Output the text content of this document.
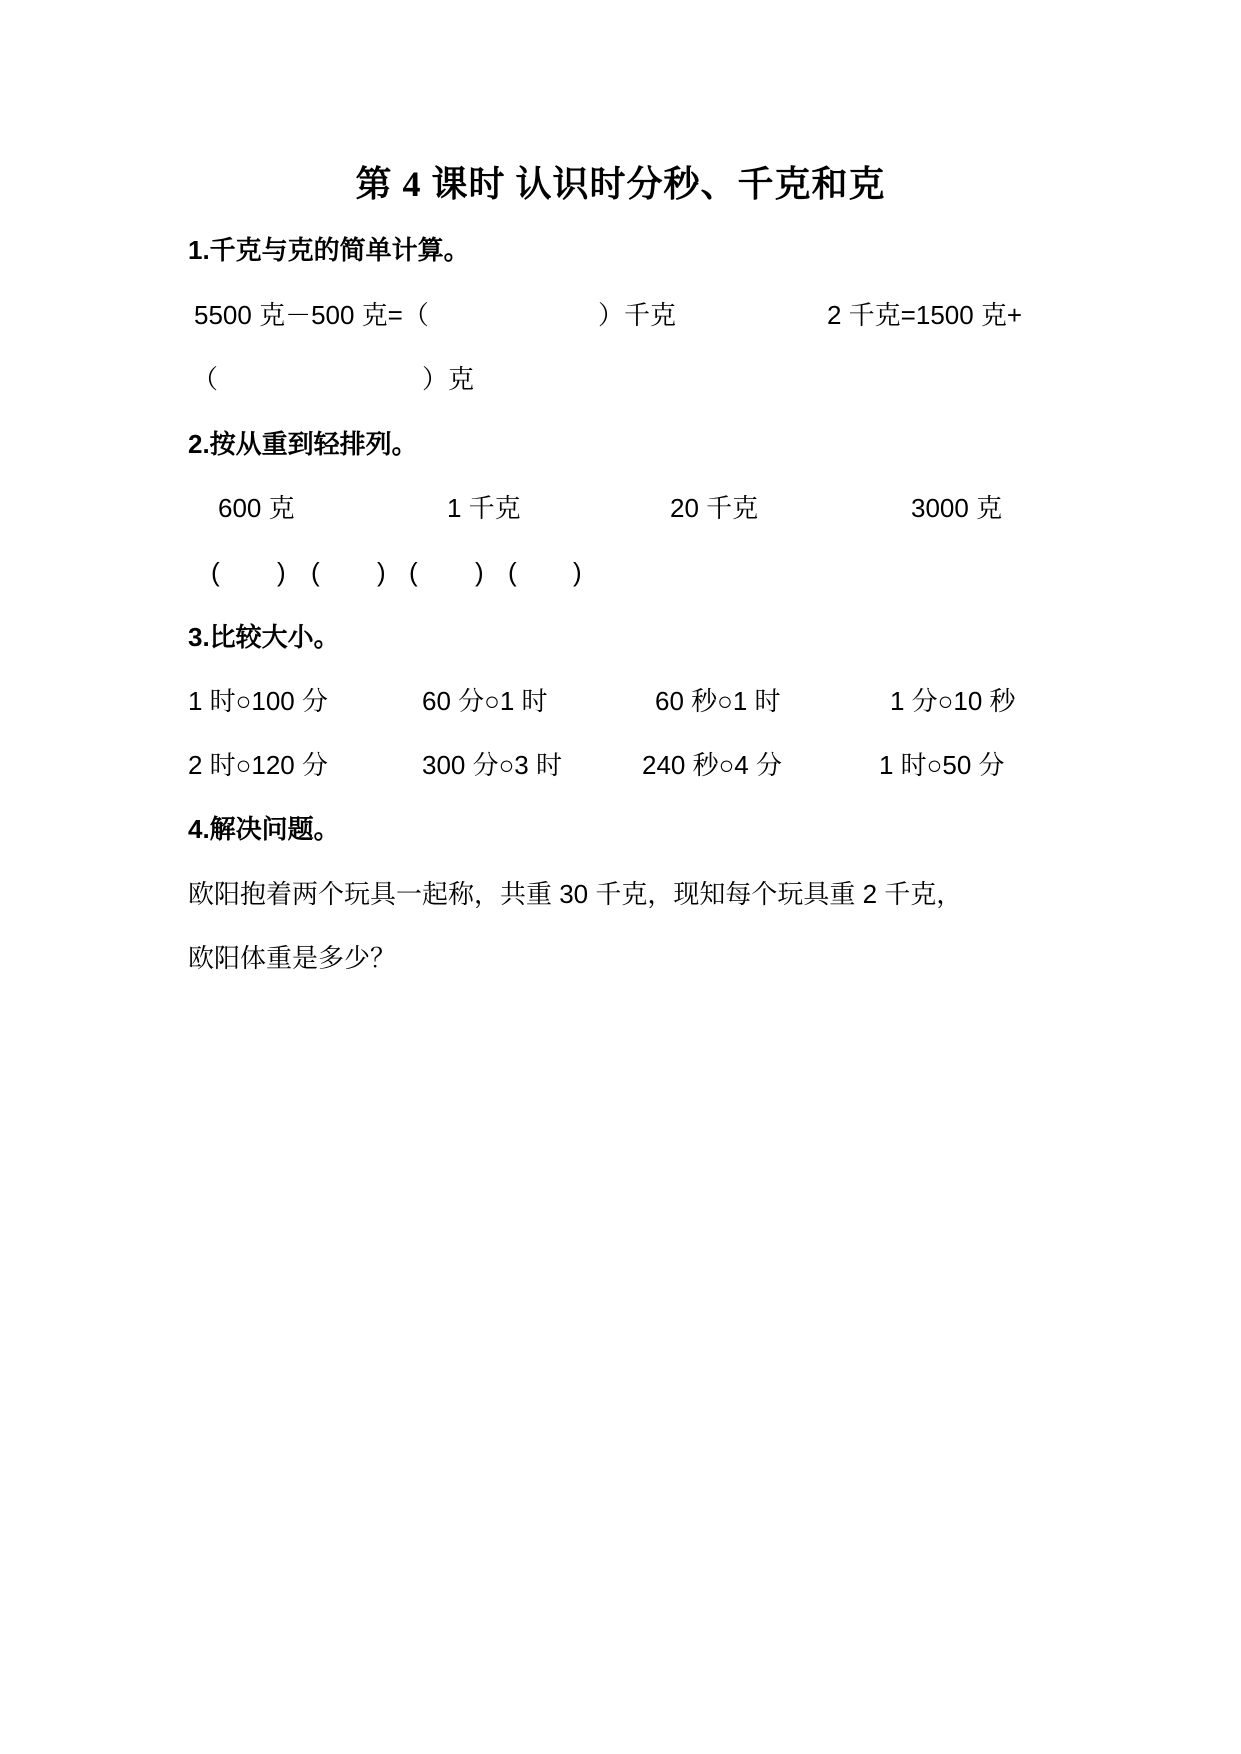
第 4 课时 认识时分秒、千克和克
1.千克与克的简单计算。
5500 克－500 克=（	）千克	2 千克=1500 克+
（	）克
2.按从重到轻排列。
600 克	1 千克	20 千克	3000 克
( ) ( ) ( ) ( )
3.比较大小。
1 时○100 分	60 分○1 时	60 秒○1 时	1 分○10 秒
2 时○120 分	300 分○3 时	240 秒○4 分	1 时○50 分
4.解决问题。
欧阳抱着两个玩具一起称，共重 30 千克，现知每个玩具重 2 千克，
欧阳体重是多少？
